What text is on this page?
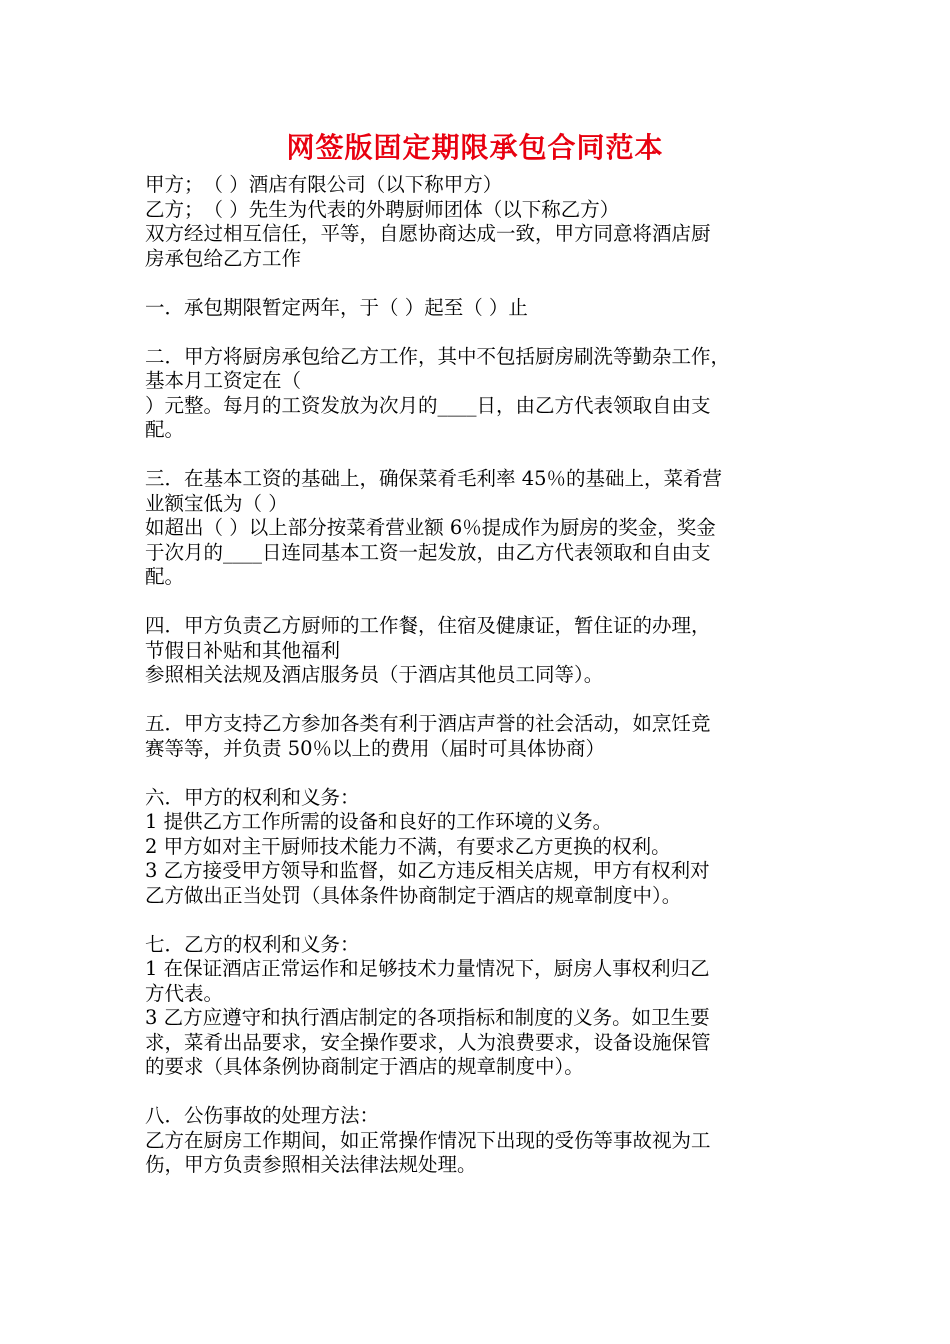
网签版固定期限承包合同范本
甲方；　（ ）酒店有限公司（以下称甲方）
乙方；　（ ）先生为代表的外聘厨师团体（以下称乙方）
双方经过相互信任，平等，自愿协商达成一致，甲方同意将酒店厨
房承包给乙方工作
一．承包期限暂定两年，于（ ）起至（ ）止
二．甲方将厨房承包给乙方工作，其中不包括厨房刷洗等勤杂工作，
基本月工资定在（
）元整。每月的工资发放为次月的____日，由乙方代表领取自由支
配。
三．在基本工资的基础上，确保菜肴毛利率 45％的基础上，菜肴营
业额宝低为（ ）
如超出（ ）以上部分按菜肴营业额 6％提成作为厨房的奖金，奖金
于次月的____日连同基本工资一起发放，由乙方代表领取和自由支
配。
四．甲方负责乙方厨师的工作餐，住宿及健康证，暂住证的办理，
节假日补贴和其他福利
参照相关法规及酒店服务员（于酒店其他员工同等）。
五．甲方支持乙方参加各类有利于酒店声誉的社会活动，如烹饪竞
赛等等，并负责 50％以上的费用（届时可具体协商）
六．甲方的权利和义务：
1 提供乙方工作所需的设备和良好的工作环境的义务。
2 甲方如对主干厨师技术能力不满，有要求乙方更换的权利。
3 乙方接受甲方领导和监督，如乙方违反相关店规，甲方有权利对
乙方做出正当处罚（具体条件协商制定于酒店的规章制度中）。
七．乙方的权利和义务：
1 在保证酒店正常运作和足够技术力量情况下，厨房人事权利归乙
方代表。
3 乙方应遵守和执行酒店制定的各项指标和制度的义务。如卫生要
求，菜肴出品要求，安全操作要求，人为浪费要求，设备设施保管
的要求（具体条例协商制定于酒店的规章制度中）。
八．公伤事故的处理方法：
乙方在厨房工作期间，如正常操作情况下出现的受伤等事故视为工
伤，甲方负责参照相关法律法规处理。
